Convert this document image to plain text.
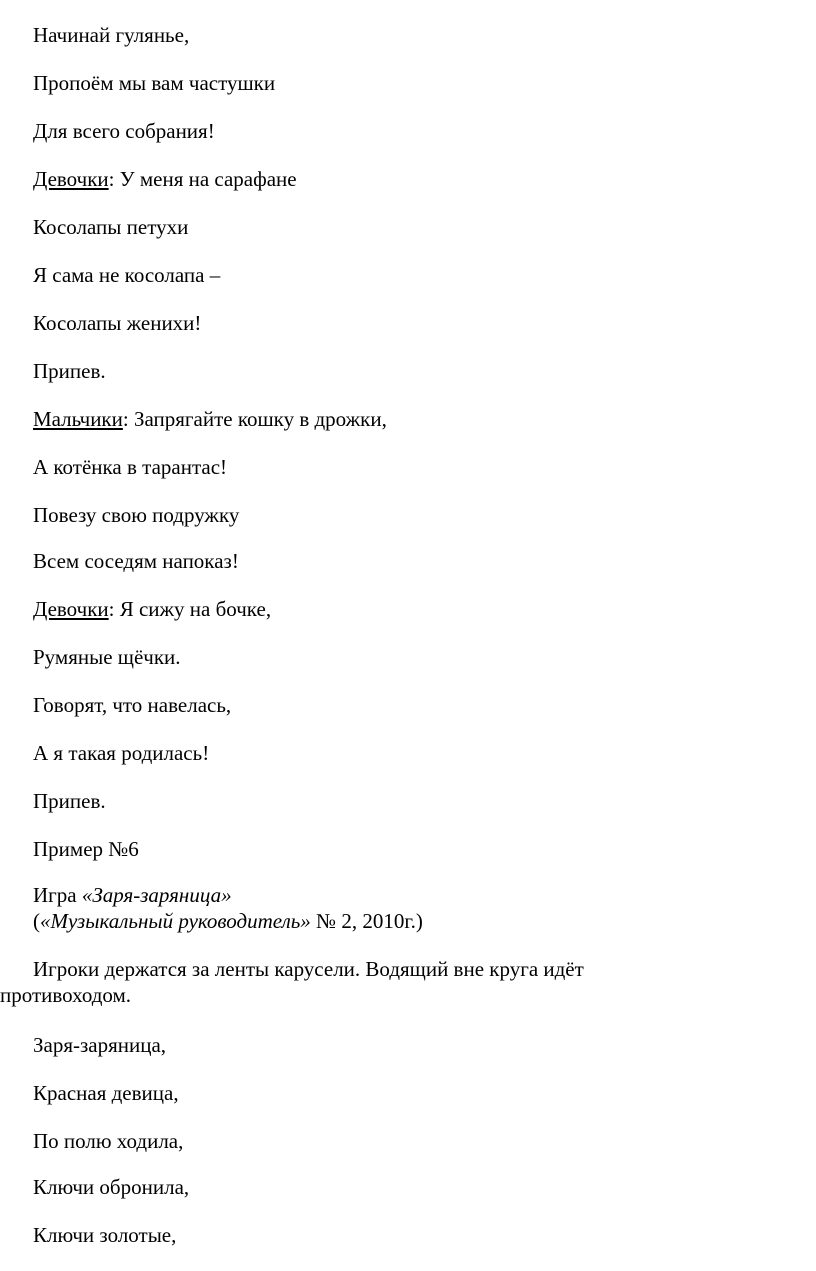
Начинай гулянье,
Пропоём мы вам частушки
Для всего собрания!
Девочки: У меня на сарафане
Косолапы петухи
Я сама не косолапа –
Косолапы женихи!
Припев.
Мальчики: Запрягайте кошку в дрожки,
А котёнка в тарантас!
Повезу свою подружку
Всем соседям напоказ!
Девочки: Я сижу на бочке,
Румяные щёчки.
Говорят, что навелась,
А я такая родилась!
Припев.
Пример №6
Игра «Заря-заряница»
(«Музыкальный руководитель» № 2, 2010г.)
Игроки держатся за ленты карусели. Водящий вне круга идёт
противоходом.
Заря-заряница,
Красная девица,
По полю ходила,
Ключи обронила,
Ключи золотые,
